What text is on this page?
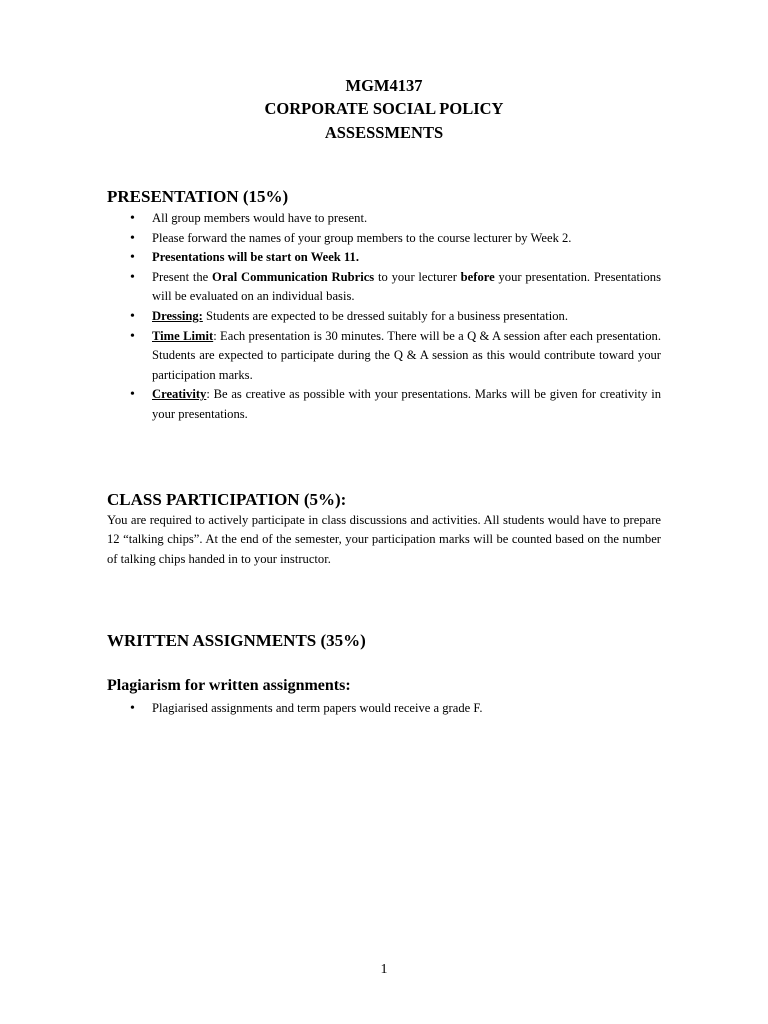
MGM4137
CORPORATE SOCIAL POLICY
ASSESSMENTS
PRESENTATION (15%)
• All group members would have to present.
• Please forward the names of your group members to the course lecturer by Week 2.
• Presentations will be start on Week 11.
• Present the Oral Communication Rubrics to your lecturer before your presentation. Presentations will be evaluated on an individual basis.
• Dressing: Students are expected to be dressed suitably for a business presentation.
• Time Limit: Each presentation is 30 minutes. There will be a Q & A session after each presentation. Students are expected to participate during the Q & A session as this would contribute toward your participation marks.
• Creativity: Be as creative as possible with your presentations. Marks will be given for creativity in your presentations.
CLASS PARTICIPATION (5%):
You are required to actively participate in class discussions and activities. All students would have to prepare 12 “talking chips”. At the end of the semester, your participation marks will be counted based on the number of talking chips handed in to your instructor.
WRITTEN ASSIGNMENTS (35%)
Plagiarism for written assignments:
• Plagiarised assignments and term papers would receive a grade F.
1
